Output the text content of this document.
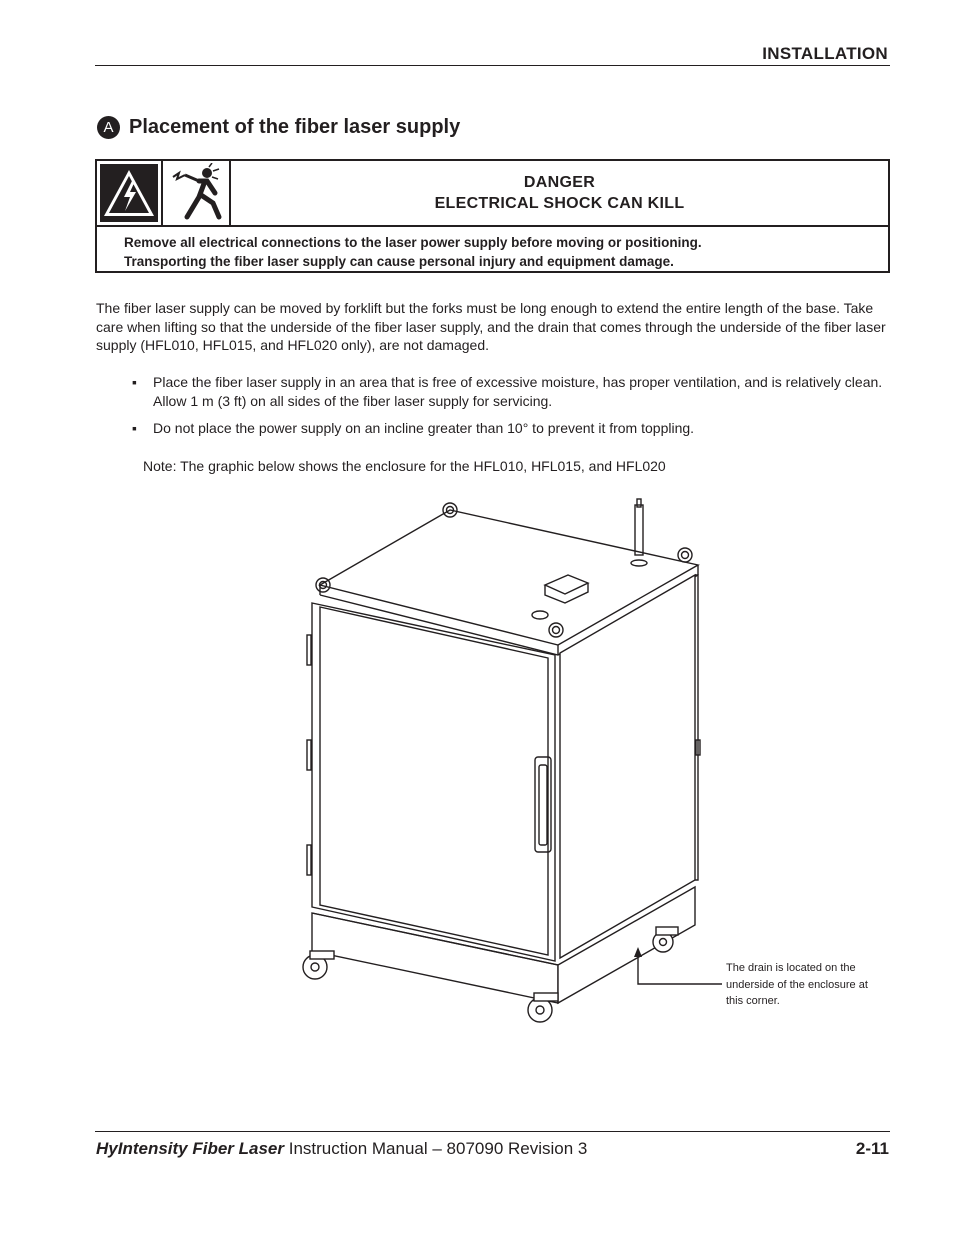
INSTALLATION
A Placement of the fiber laser supply
DANGER
ELECTRICAL SHOCK CAN KILL
Remove all electrical connections to the laser power supply before moving or positioning.
Transporting the fiber laser supply can cause personal injury and equipment damage.
The fiber laser supply can be moved by forklift but the forks must be long enough to extend the entire length of the base. Take care when lifting so that the underside of the fiber laser supply, and the drain that comes through the underside of the fiber laser supply (HFL010, HFL015, and HFL020 only), are not damaged.
▪ Place the fiber laser supply in an area that is free of excessive moisture, has proper ventilation, and is relatively clean. Allow 1 m (3 ft) on all sides of the fiber laser supply for servicing.
▪ Do not place the power supply on an incline greater than 10° to prevent it from toppling.
Note: The graphic below shows the enclosure for the HFL010, HFL015, and HFL020
The drain is located on the underside of the enclosure at this corner.
HyIntensity Fiber Laser Instruction Manual – 807090 Revision 3	2-11
